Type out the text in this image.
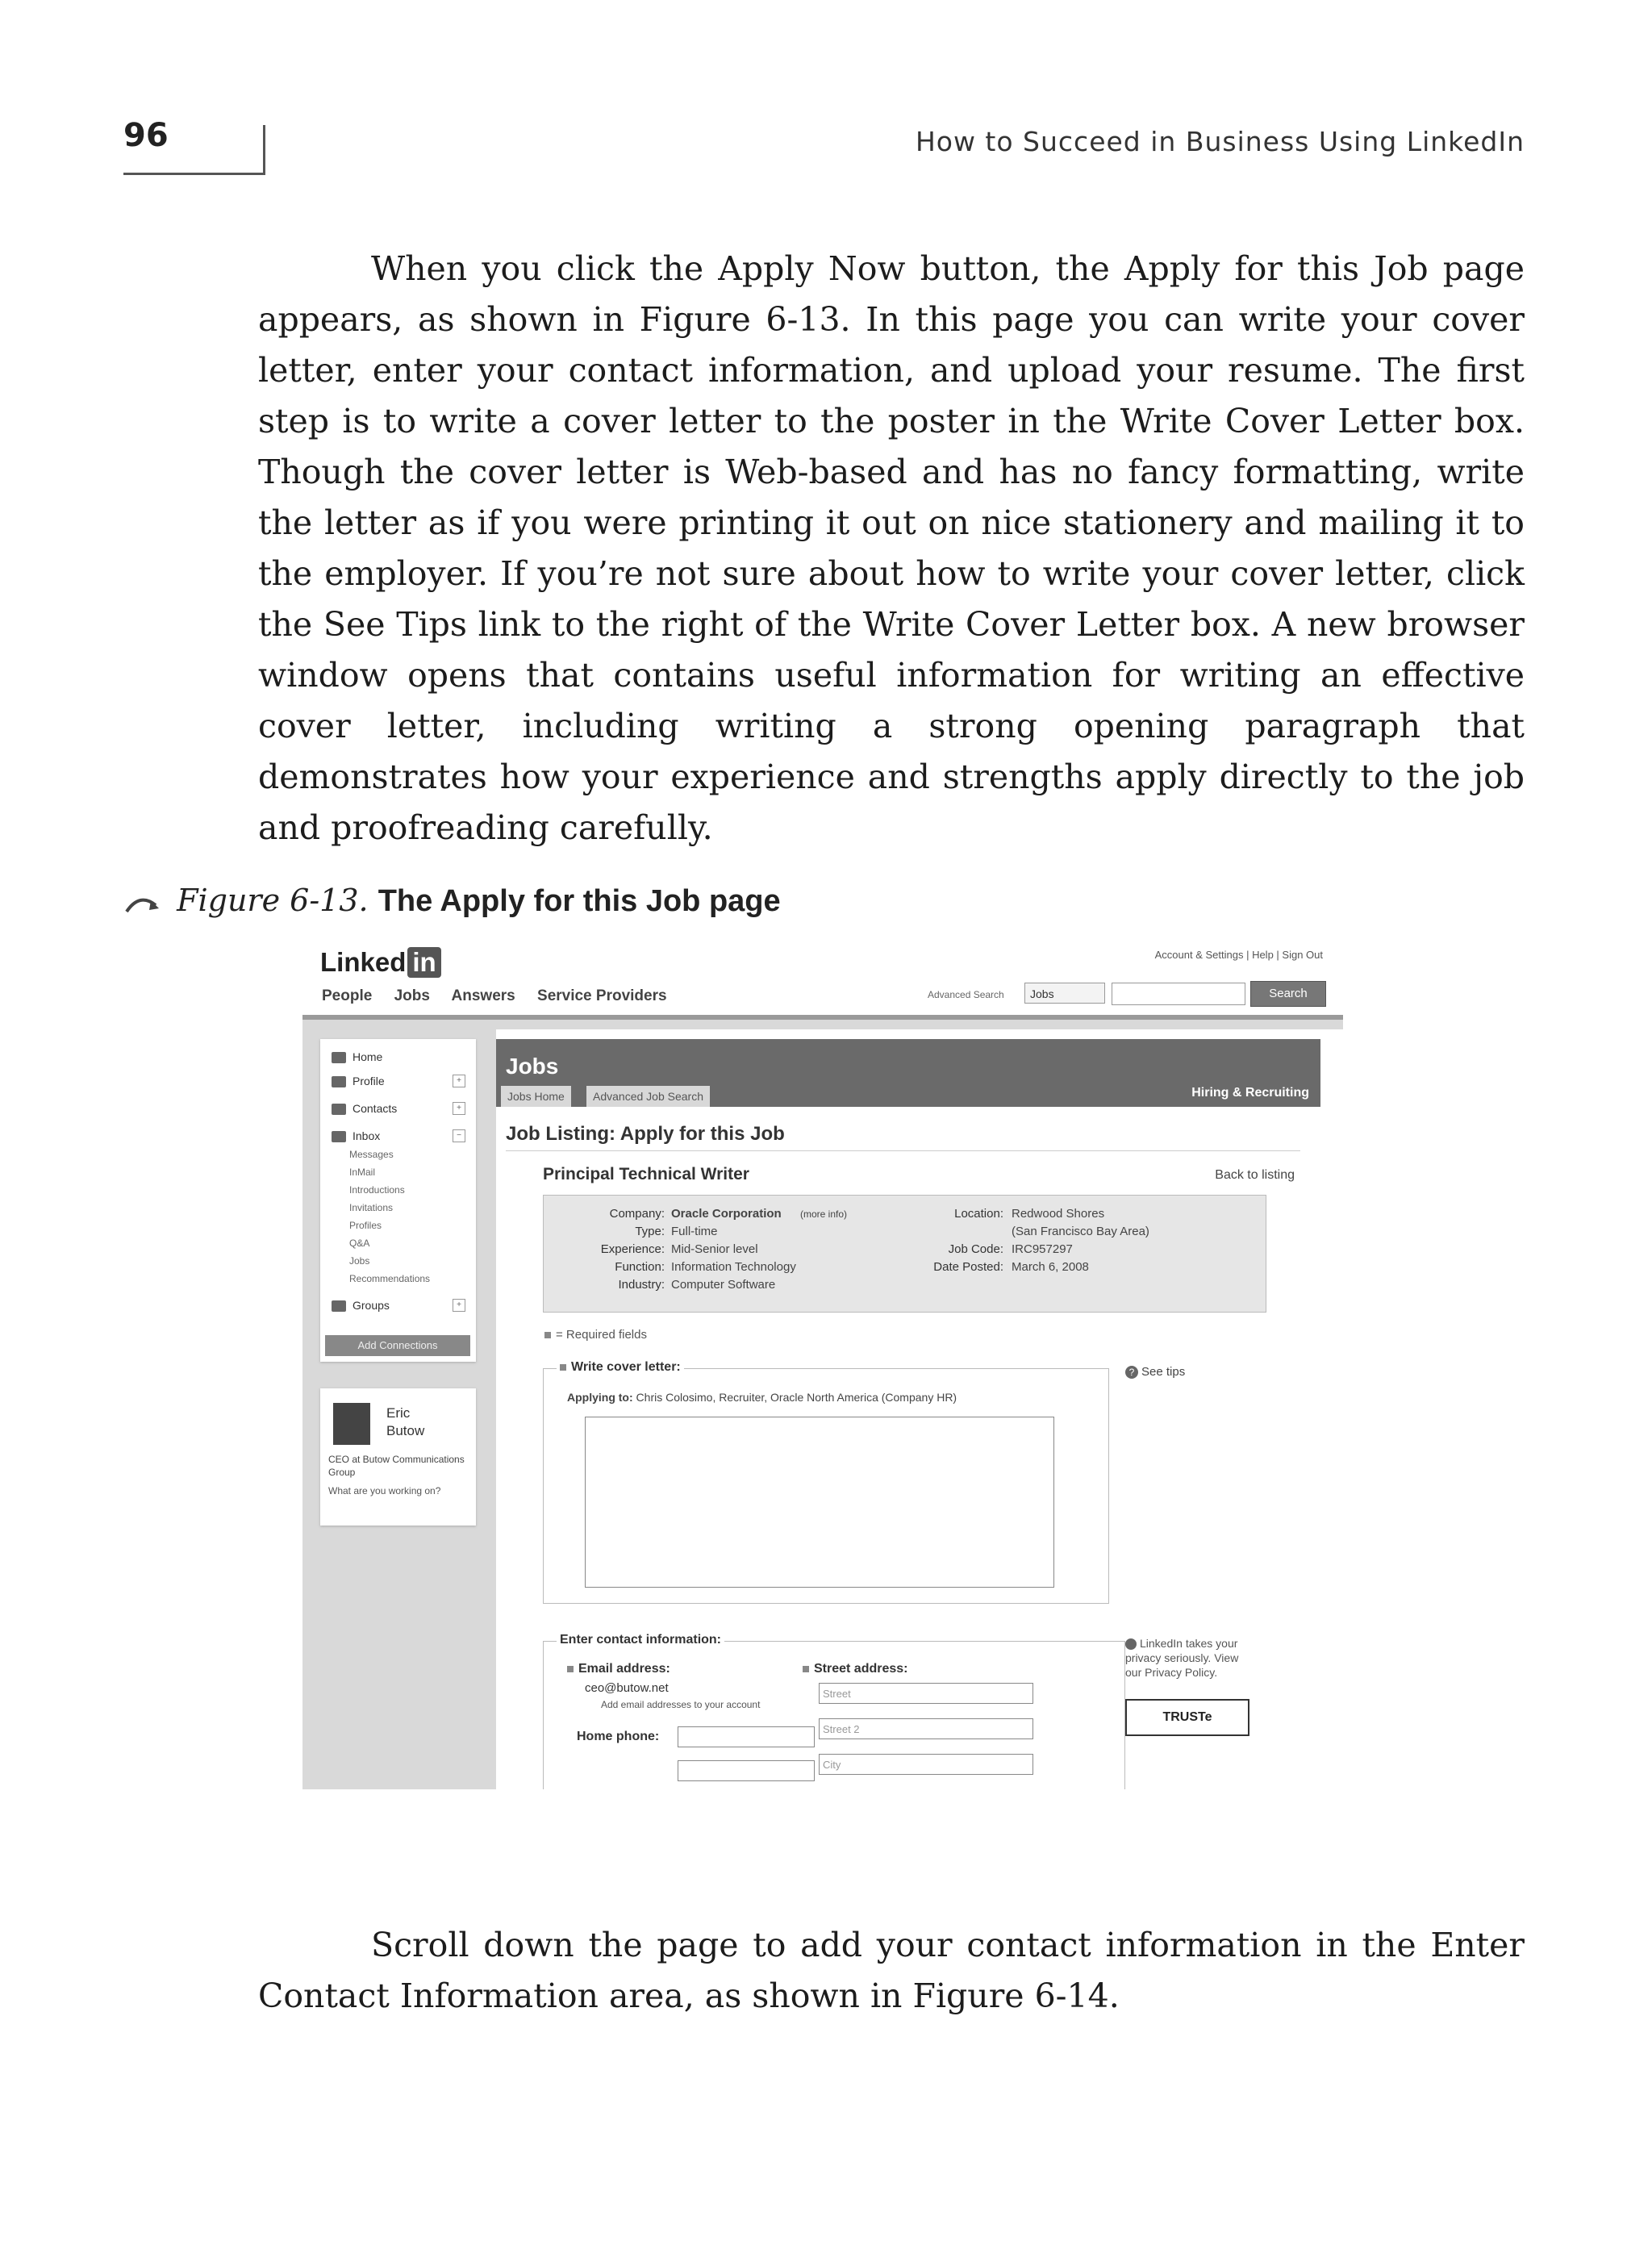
96	How to Succeed in Business Using LinkedIn

When you click the Apply Now button, the Apply for this Job page appears, as shown in Figure 6-13. In this page you can write your cover letter, enter your contact information, and upload your resume. The first step is to write a cover letter to the poster in the Write Cover Letter box. Though the cover letter is Web-based and has no fancy formatting, write the letter as if you were printing it out on nice stationery and mailing it to the employer. If you’re not sure about how to write your cover letter, click the See Tips link to the right of the Write Cover Letter box. A new browser window opens that contains useful information for writing an effective cover letter, including writing a strong opening paragraph that demonstrates how your experience and strengths apply directly to the job and proofreading carefully.

Figure 6-13. The Apply for this Job page
Linked in	Account & Settings | Help | Sign Out
People Jobs Answers Service Providers	Advanced Search	Jobs	Search
Home
Profile	+
Contacts	+
Inbox	−
Messages
InMail
Introductions
Invitations
Profiles
Q&A
Jobs
Recommendations
Groups	+
Add Connections
Eric
Butow
CEO at Butow Communications Group
What are you working on?
Jobs
Jobs Home	Advanced Job Search	Hiring & Recruiting
Job Listing: Apply for this Job
Principal Technical Writer	Back to listing
Company: Oracle Corporation (more info)
Type: Full-time
Experience: Mid-Senior level
Function: Information Technology
Industry: Computer Software
Location: Redwood Shores
(San Francisco Bay Area)
Job Code: IRC957297
Date Posted: March 6, 2008
= Required fields
Write cover letter:
Applying to: Chris Colosimo, Recruiter, Oracle North America (Company HR)
? See tips
Enter contact information:
Email address:
ceo@butow.net
Add email addresses to your account
Home phone:
Street address:
Street
Street 2
City
LinkedIn takes your privacy seriously. View our Privacy Policy.
TRUSTe

Scroll down the page to add your contact information in the Enter Contact Information area, as shown in Figure 6-14.
